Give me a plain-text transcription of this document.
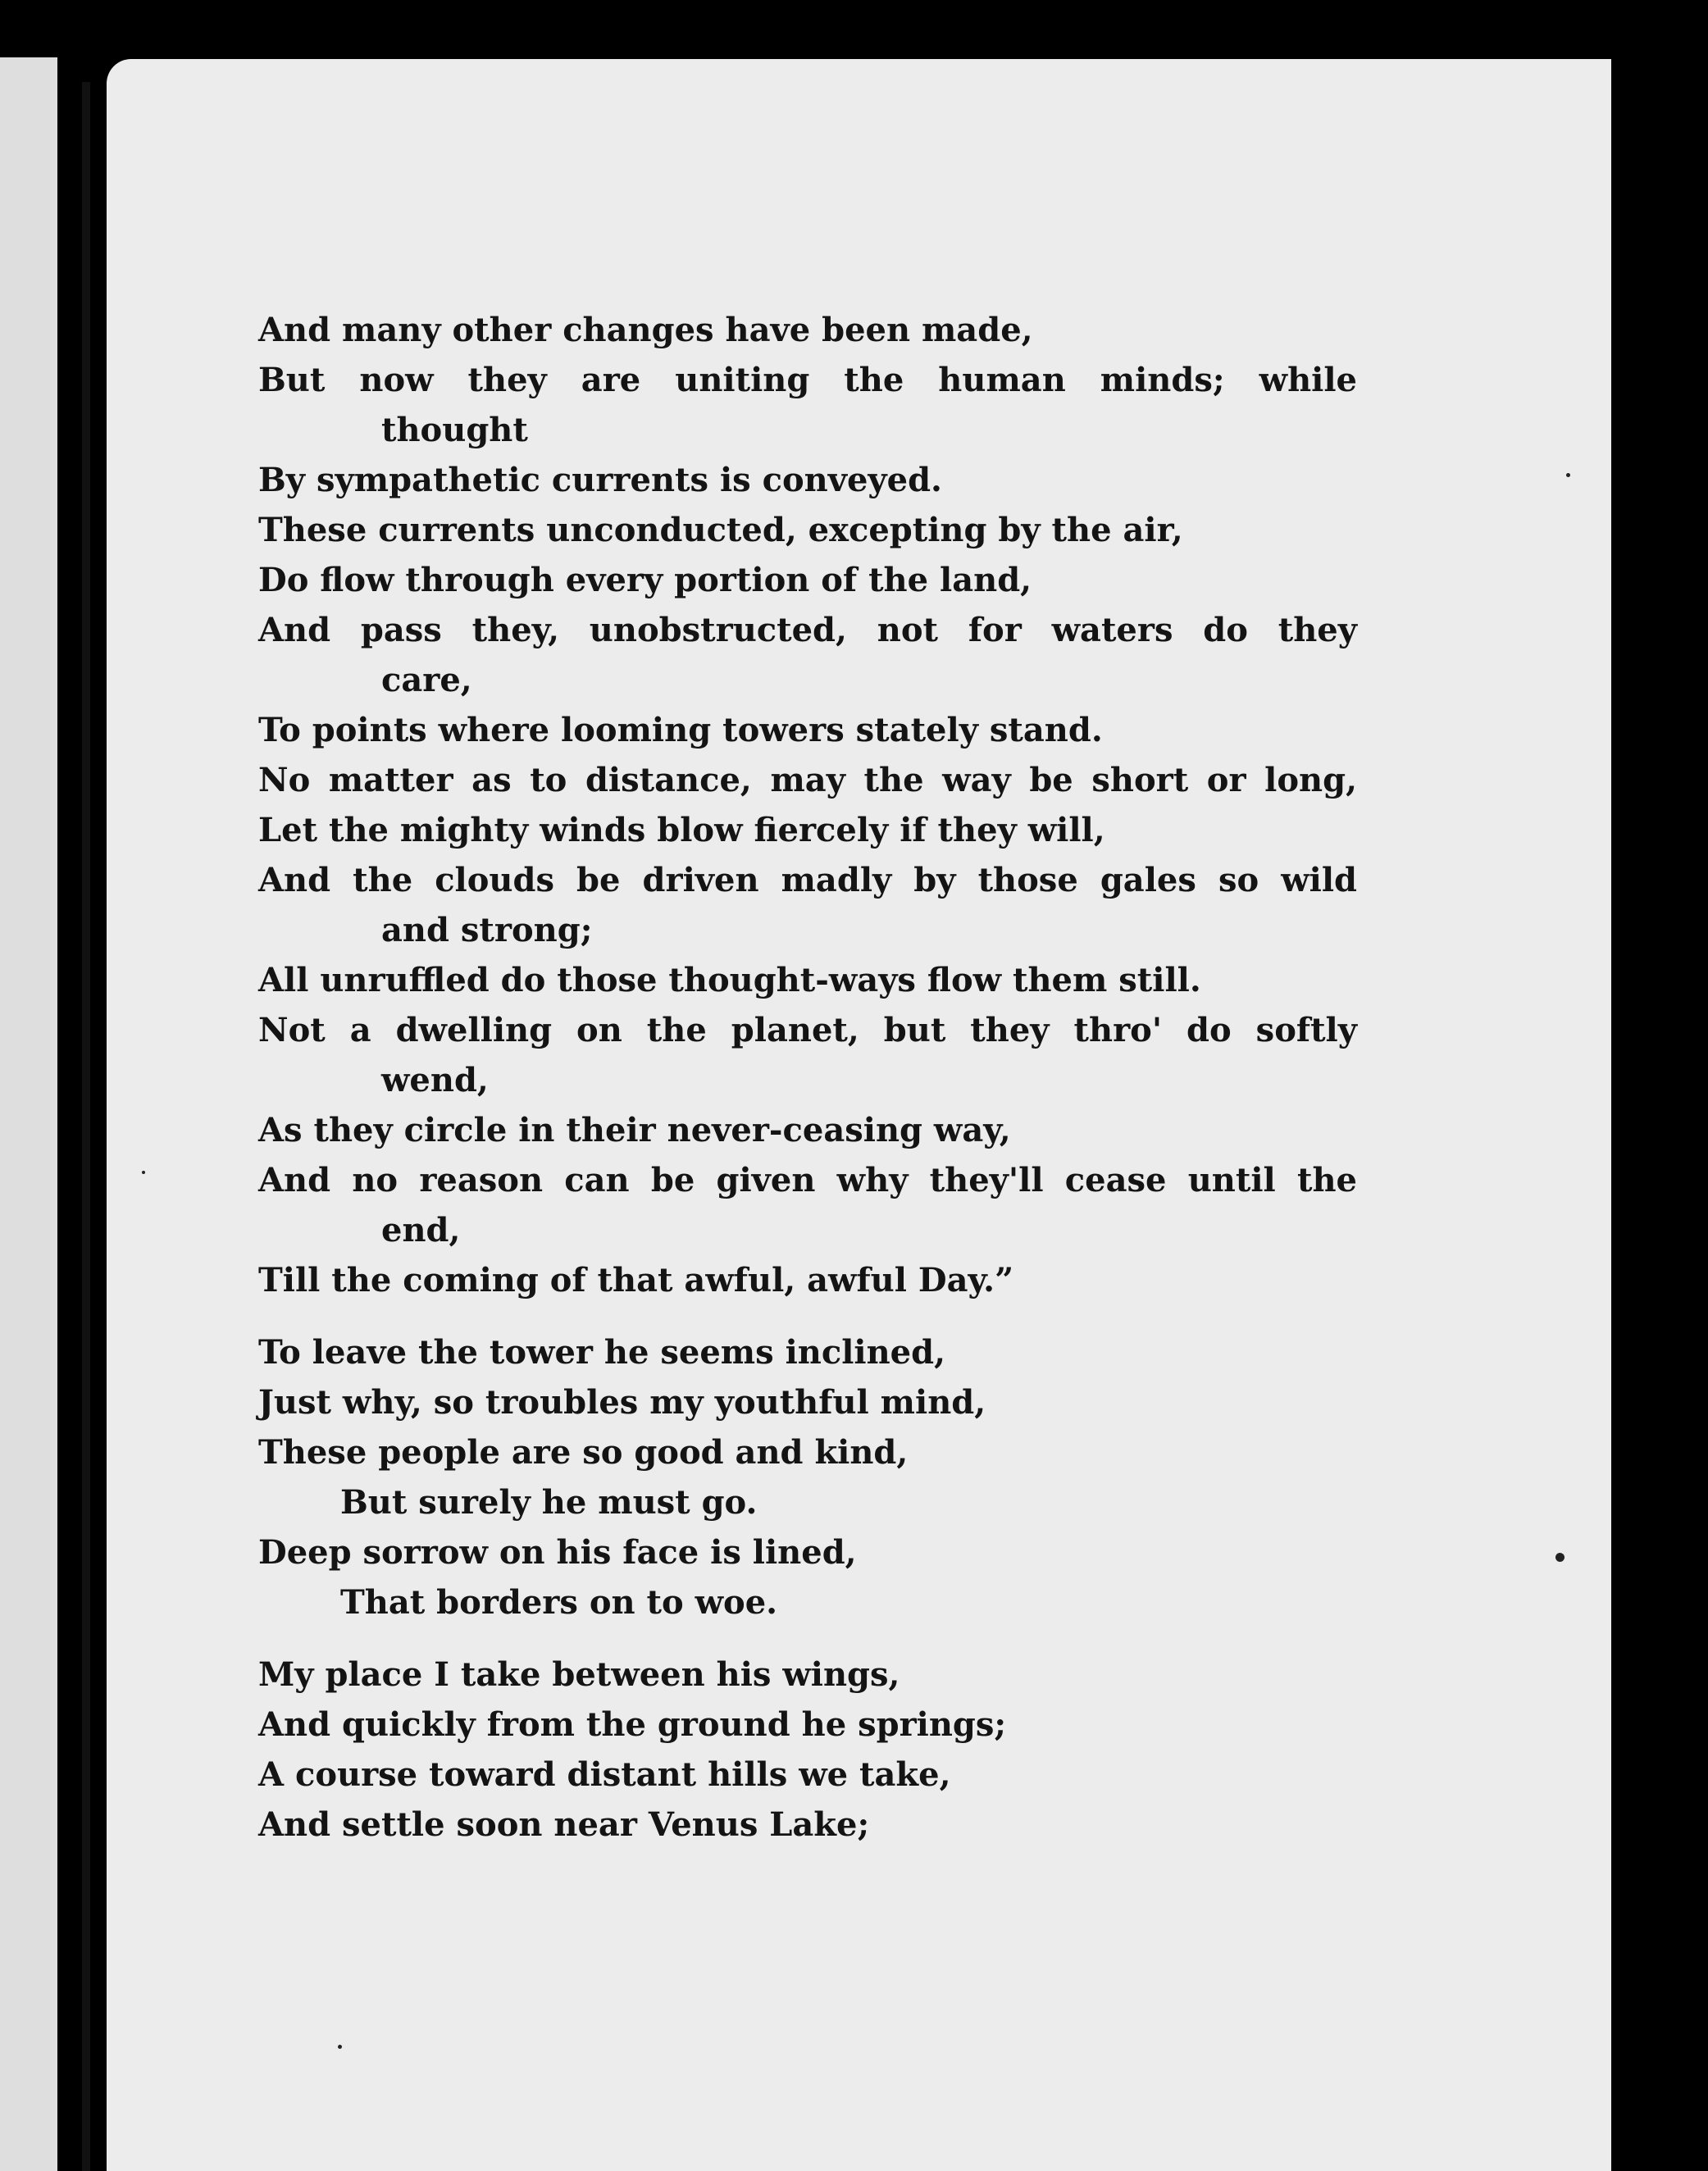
And many other changes have been made,
But now they are uniting the human minds; while
thought
By sympathetic currents is conveyed.
These currents unconducted, excepting by the air,
Do flow through every portion of the land,
And pass they, unobstructed, not for waters do they
care,
To points where looming towers stately stand.
No matter as to distance, may the way be short or long,
Let the mighty winds blow fiercely if they will,
And the clouds be driven madly by those gales so wild
and strong;
All unruffled do those thought-ways flow them still.
Not a dwelling on the planet, but they thro' do softly
wend,
As they circle in their never-ceasing way,
And no reason can be given why they'll cease until the
end,
Till the coming of that awful, awful Day.”
To leave the tower he seems inclined,
Just why, so troubles my youthful mind,
These people are so good and kind,
But surely he must go.
Deep sorrow on his face is lined,
That borders on to woe.
My place I take between his wings,
And quickly from the ground he springs;
A course toward distant hills we take,
And settle soon near Venus Lake;
